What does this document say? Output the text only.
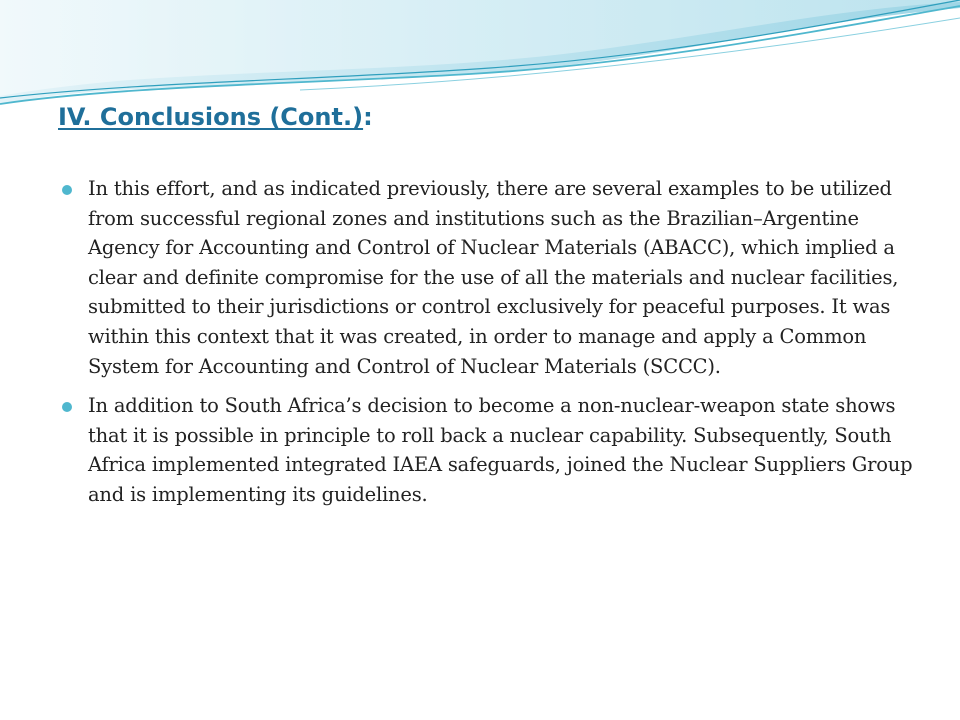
IV. Conclusions (Cont.):
In this effort, and as indicated previously, there are several examples to be utilized from successful regional zones and institutions such as the Brazilian–Argentine Agency for Accounting and Control of Nuclear Materials (ABACC), which implied a clear and definite compromise for the use of all the materials and nuclear facilities, submitted to their jurisdictions or control exclusively for peaceful purposes. It was within this context that it was created, in order to manage and apply a Common System for Accounting and Control of Nuclear Materials (SCCC).
In addition to South Africa’s decision to become a non-nuclear-weapon state shows that it is possible in principle to roll back a nuclear capability. Subsequently, South Africa implemented integrated IAEA safeguards, joined the Nuclear Suppliers Group and is implementing its guidelines.
